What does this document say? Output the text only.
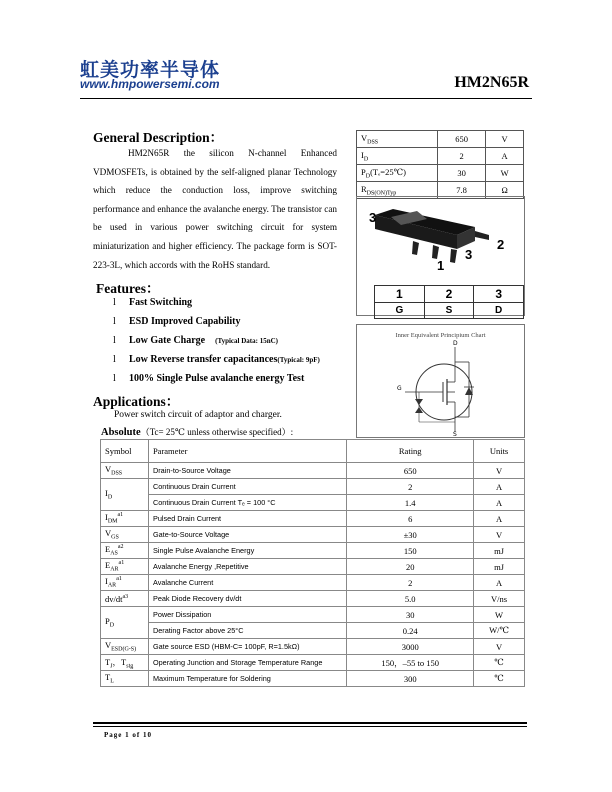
虹美功率半导体
www.hmpowersemi.com	HM2N65R
General Description：
HM2N65R the silicon N-channel Enhanced VDMOSFETs, is obtained by the self-aligned planar Technology which reduce the conduction loss, improve switching performance and enhance the avalanche energy. The transistor can be used in various power switching circuit for system miniaturization and higher efficiency. The package form is SOT-223-3L, which accords with the RoHS standard.
$V_{DSS}$	650	V
$I_D$	2	A
$P_D(T_e=25℃)$	30	W
$R_{DS(ON)Typ}$	7.8	Ω
3
2
3
1
1	2	3
G	S	D
Inner Equivalent Principium Chart
D
G
S
Features：
l Fast Switching
l ESD Improved Capability
l Low Gate Charge (Typical Data: 15nC)
l Low Reverse transfer capacitances(Typical: 9pF)
l 100% Single Pulse avalanche energy Test
Applications：
Power switch circuit of adaptor and charger.
Absolute（Tc= 25℃ unless otherwise specified）:
Symbol	Parameter	Rating	Units
$V_{DSS}$	Drain-to-Source Voltage	650	V
$I_D$	Continuous Drain Current	2	A
	Continuous Drain Current Tₑ = 100 °C	1.4	A
$I_{DM}^{a1}$	Pulsed Drain Current	6	A
$V_{GS}$	Gate-to-Source Voltage	±30	V
$E_{AS}^{a2}$	Single Pulse Avalanche Energy	150	mJ
$E_{AR}^{a1}$	Avalanche Energy ,Repetitive	20	mJ
$I_{AR}^{a1}$	Avalanche Current	2	A
$dv/dt^{a3}$	Peak Diode Recovery dv/dt	5.0	V/ns
$P_D$	Power Dissipation	30	W
	Derating Factor above 25°C	0.24	W/℃
$V_{ESD(G-S)}$	Gate source ESD (HBM-C= 100pF, R=1.5kΩ)	3000	V
$T_J$，$T_{stg}$	Operating Junction and Storage Temperature Range	150，–55 to 150	℃
$T_L$	Maximum Temperature for Soldering	300	℃
Page 1 of 10
